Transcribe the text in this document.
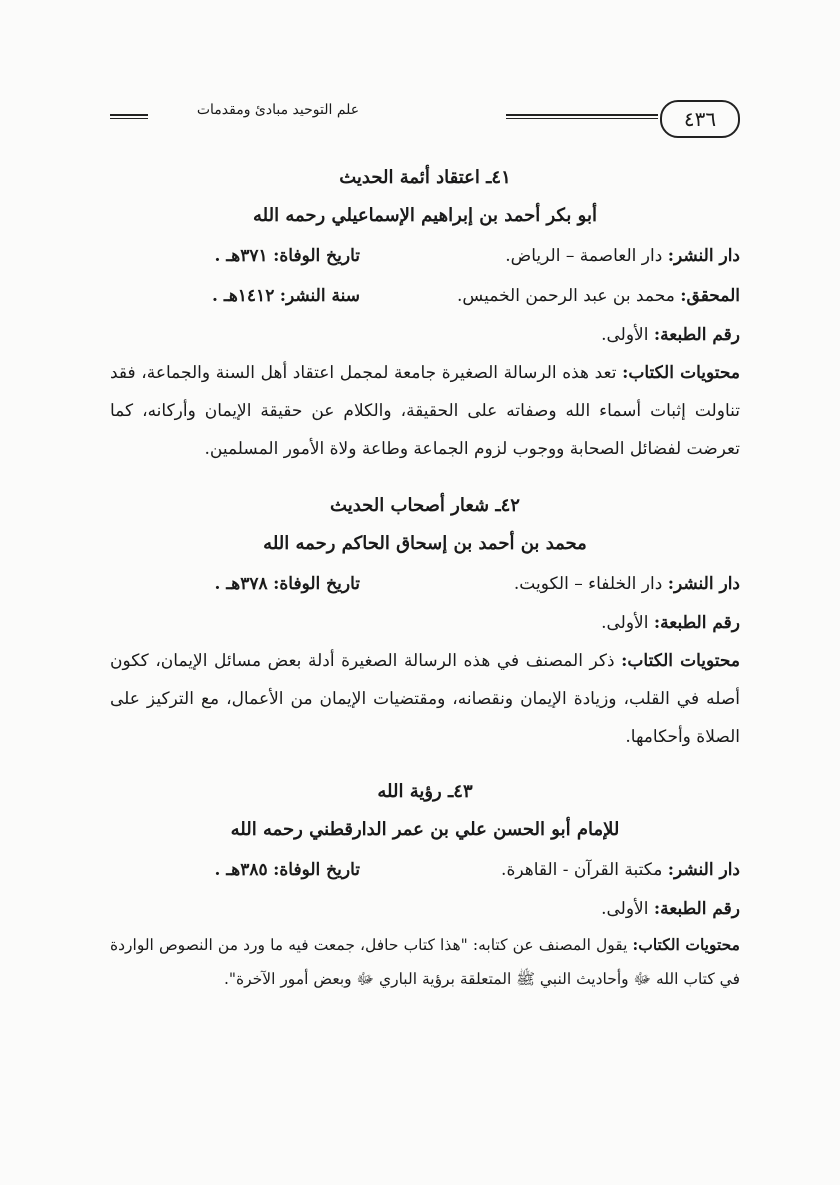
٤٣٦
علم التوحيد مبادئ ومقدمات
٤١ـ اعتقاد أئمة الحديث
أبو بكر أحمد بن إبراهيم الإسماعيلي رحمه الله
دار النشر: دار العاصمة – الرياض.
تاريخ الوفاة: ٣٧١هـ .
المحقق: محمد بن عبد الرحمن الخميس.
سنة النشر: ١٤١٢هـ .
رقم الطبعة: الأولى.

محتويات الكتاب: تعد هذه الرسالة الصغيرة جامعة لمجمل اعتقاد أهل السنة والجماعة، فقد تناولت إثبات أسماء الله وصفاته على الحقيقة، والكلام عن حقيقة الإيمان وأركانه، كما تعرضت لفضائل الصحابة ووجوب لزوم الجماعة وطاعة ولاة الأمور المسلمين.

٤٢ـ شعار أصحاب الحديث
محمد بن أحمد بن إسحاق الحاكم رحمه الله
دار النشر: دار الخلفاء – الكويت.
تاريخ الوفاة: ٣٧٨هـ .
رقم الطبعة: الأولى.

محتويات الكتاب: ذكر المصنف في هذه الرسالة الصغيرة أدلة بعض مسائل الإيمان، ككون أصله في القلب، وزيادة الإيمان ونقصانه، ومقتضيات الإيمان من الأعمال، مع التركيز على الصلاة وأحكامها.

٤٣ـ رؤية الله
للإمام أبو الحسن علي بن عمر الدارقطني رحمه الله
دار النشر: مكتبة القرآن - القاهرة.
تاريخ الوفاة: ٣٨٥هـ .
رقم الطبعة: الأولى.

محتويات الكتاب: يقول المصنف عن كتابه: "هذا كتاب حافل، جمعت فيه ما ورد من النصوص الواردة في كتاب الله ﷻ وأحاديث النبي ﷺ المتعلقة برؤية الباري ﷻ وبعض أمور الآخرة".
